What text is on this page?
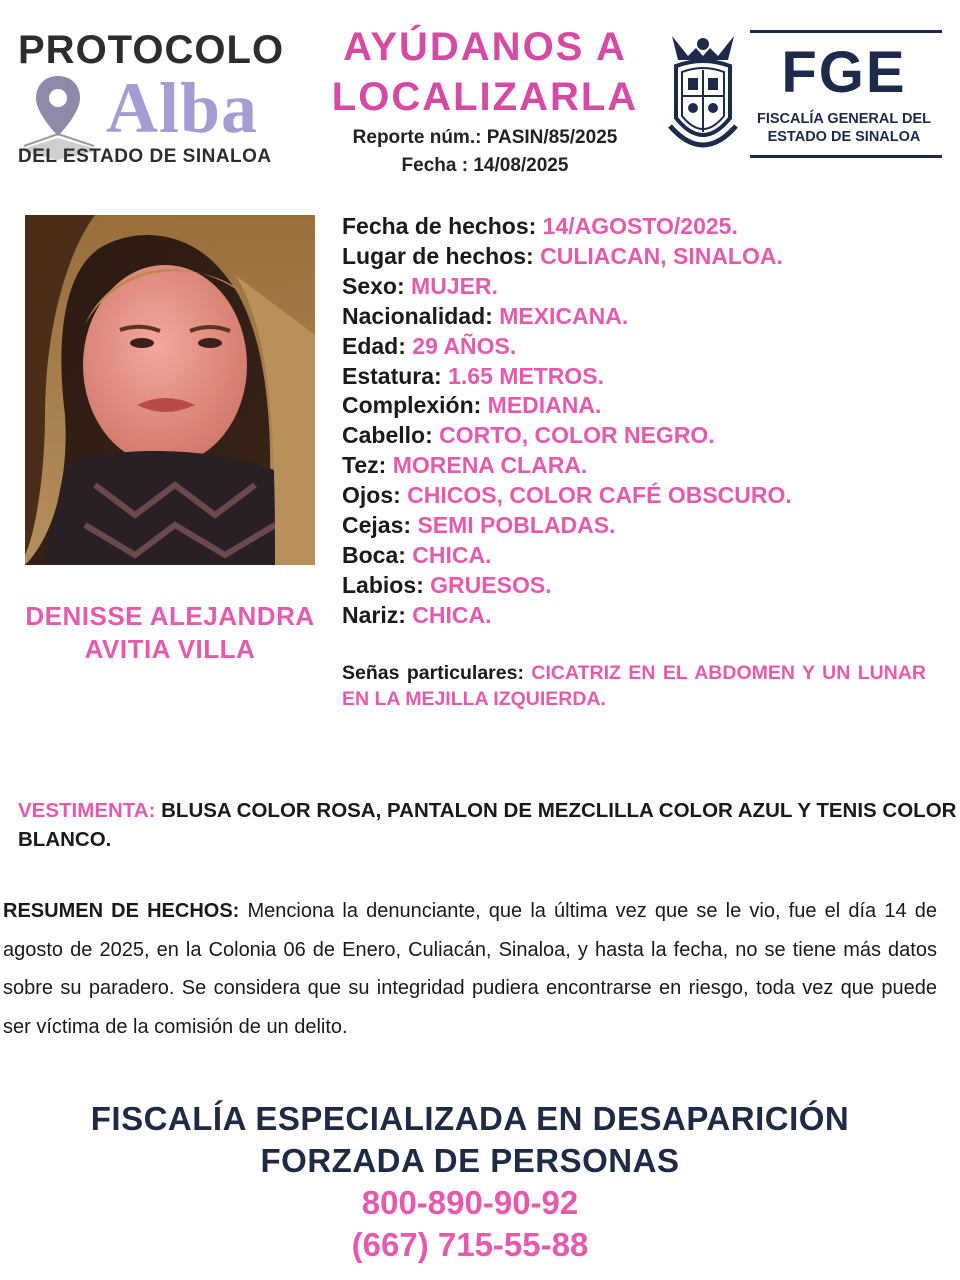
PROTOCOLO
Alba
DEL ESTADO DE SINALOA
AYÚDANOS A
LOCALIZARLA
Reporte núm.: PASIN/85/2025
Fecha : 14/08/2025
FGE
FISCALÍA GENERAL DEL
ESTADO DE SINALOA
DENISSE ALEJANDRA
AVITIA VILLA
Fecha de hechos: 14/AGOSTO/2025.
Lugar de hechos: CULIACAN, SINALOA.
Sexo: MUJER.
Nacionalidad: MEXICANA.
Edad: 29 AÑOS.
Estatura: 1.65 METROS.
Complexión: MEDIANA.
Cabello: CORTO, COLOR NEGRO.
Tez: MORENA CLARA.
Ojos: CHICOS, COLOR CAFÉ OBSCURO.
Cejas: SEMI POBLADAS.
Boca: CHICA.
Labios: GRUESOS.
Nariz: CHICA.
Señas particulares: CICATRIZ EN EL ABDOMEN Y UN LUNAR EN LA MEJILLA IZQUIERDA.
VESTIMENTA: BLUSA COLOR ROSA, PANTALON DE MEZCLILLA COLOR AZUL Y TENIS COLOR BLANCO.
RESUMEN DE HECHOS: Menciona la denunciante, que la última vez que se le vio, fue el día 14 de agosto de 2025, en la Colonia 06 de Enero, Culiacán, Sinaloa, y hasta la fecha, no se tiene más datos sobre su paradero. Se considera que su integridad pudiera encontrarse en riesgo, toda vez que puede ser víctima de la comisión de un delito.
FISCALÍA ESPECIALIZADA EN DESAPARICIÓN
FORZADA DE PERSONAS
800-890-90-92
(667) 715-55-88
